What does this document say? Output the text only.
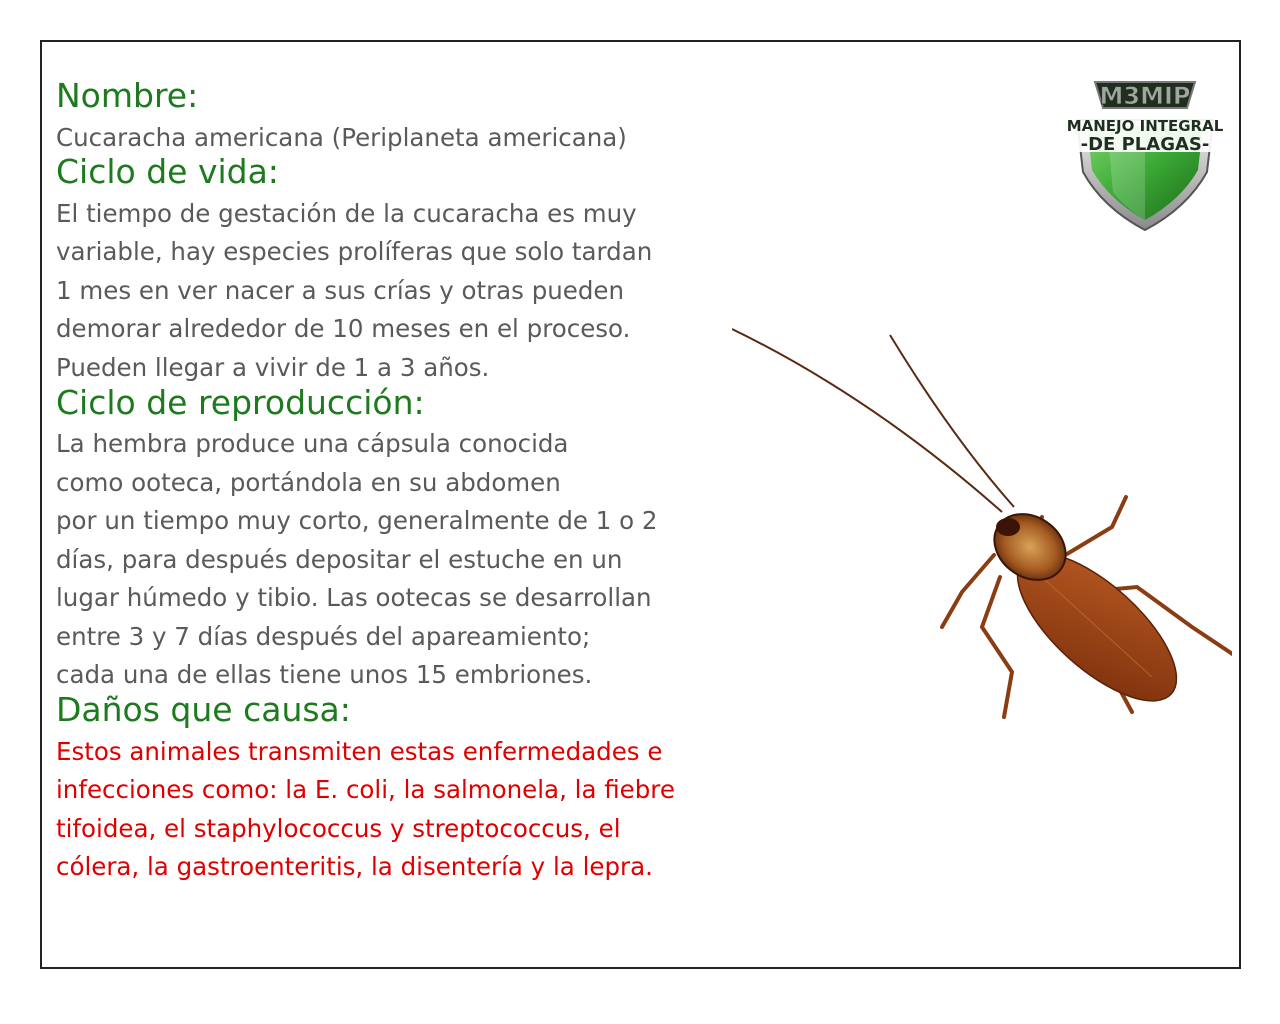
Nombre:

Cucaracha americana (Periplaneta americana)

Ciclo de vida:

El tiempo de gestación de la cucaracha es muy

variable, hay especies prolíferas que solo tardan

1 mes en ver nacer a sus crías y otras pueden

demorar alrededor de 10 meses en el proceso.

Pueden llegar a vivir de 1 a 3 años.

Ciclo de reproducción:

La hembra produce una cápsula conocida

como ooteca, portándola en su abdomen

por un tiempo muy corto, generalmente de 1 o 2

días, para después depositar el estuche en un

lugar húmedo y tibio. Las ootecas se desarrollan

entre 3 y 7 días después del apareamiento;

cada una de ellas tiene unos 15 embriones.

Daños que causa:

Estos animales transmiten estas enfermedades e

infecciones como: la E. coli, la salmonela, la fiebre

tifoidea, el staphylococcus y streptococcus, el

cólera, la gastroenteritis, la disentería y la lepra.

M3MIP
MANEJO INTEGRAL
-DE PLAGAS-
